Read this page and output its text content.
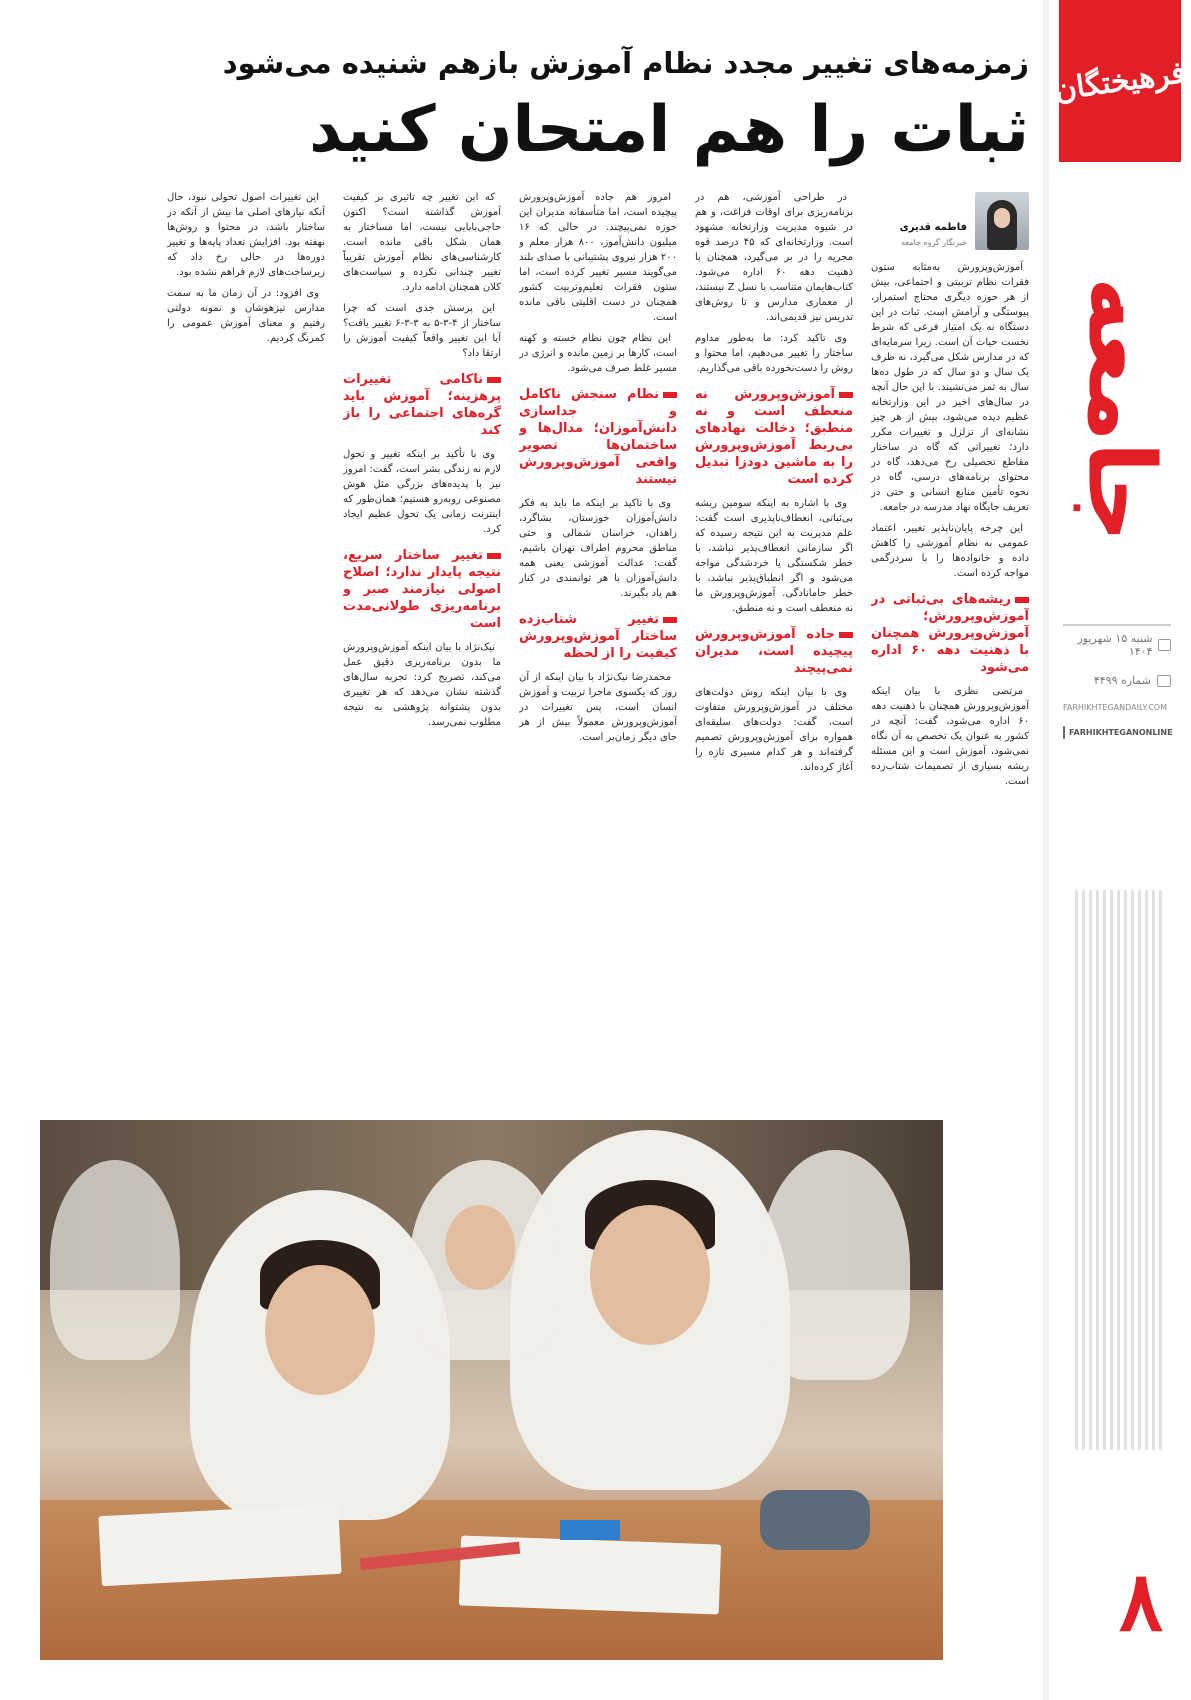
فرهیختگان
جامعه
شنبه ۱۵ شهریور ۱۴۰۴
شماره ۴۴۹۹
FARHIKHTEGANDAILY.COM
FARHIKHTEGANONLINE
۸
زمزمه‌های تغییر مجدد نظام آموزش بازهم شنیده می‌شود
ثبات را هم امتحان کنید
فاطمه قدیری
خبرنگار گروه جامعه

آموزش‌وپرورش به‌مثابه ستون فقرات نظام تربیتی و اجتماعی، بیش از هر حوزه دیگری محتاج استمرار، پیوستگی و آرامش است. ثبات در این دستگاه نه یک امتیاز فرعی که شرط نخست حیات آن است. زیرا سرمایه‌ای که در مدارس شکل می‌گیرد، نه ظرف یک سال و دو سال که در طول ده‌ها سال به ثمر می‌نشیند. با این حال آنچه در سال‌های اخیر در این وزارتخانه عظیم دیده می‌شود، بیش از هر چیز نشانه‌ای از تزلزل و تغییرات مکرر دارد؛ تغییراتی که گاه در ساختار مقاطع تحصیلی رخ می‌دهد، گاه در محتوای برنامه‌های درسی، گاه در نحوه تأمین منابع انسانی و حتی در تعریف جایگاه نهاد مدرسه در جامعه.

این چرخه پایان‌ناپذیر تغییر، اعتماد عمومی به نظام آموزشی را کاهش داده و خانواده‌ها را با سردرگمی مواجه کرده است.

ریشه‌های بی‌ثباتی در آموزش‌وپرورش؛ آموزش‌وپرورش همچنان با ذهنیت دهه ۶۰ اداره می‌شود

مرتضی نظری با بیان اینکه آموزش‌وپرورش همچنان با ذهنیت دهه ۶۰ اداره می‌شود، گفت: آنچه در کشور به عنوان یک تخصص به آن نگاه نمی‌شود، آموزش است و این مسئله ریشه بسیاری از تصمیمات شتاب‌زده است.

در طراحی آموزشی، هم در برنامه‌ریزی برای اوقات فراغت، و هم در شیوه مدیریت وزارتخانه مشهود است. وزارتخانه‌ای که ۴۵ درصد قوه مجریه را در بر می‌گیرد، همچنان با ذهنیت دهه ۶۰ اداره می‌شود. کتاب‌هایمان متناسب با نسل Z نیستند، از معماری مدارس و تا روش‌های تدریس نیز قدیمی‌اند.

وی تاکید کرد: ما به‌طور مداوم ساختار را تغییر می‌دهیم، اما محتوا و روش را دست‌نخورده باقی می‌گذاریم.

آموزش‌وپرورش نه منعطف است و نه منطبق؛ دخالت نهادهای بی‌ربط آموزش‌وپرورش را به ماشین دودزا تبدیل کرده است

وی با اشاره به اینکه سومین ریشه بی‌ثباتی، انعطاف‌ناپذیری است گفت: علم مدیریت به این نتیجه رسیده که اگر سازمانی انعطاف‌پذیر نباشد، با خطر شکستگی یا خردشدگی مواجه می‌شود و اگر انطباق‌پذیر نباشد، با خطر جامانادگی. آموزش‌وپرورش ما نه منعطف است و نه منطبق.

جاده آموزش‌وپرورش پیچیده است، مدیران نمی‌پیچند

وی با بیان اینکه روش دولت‌های مختلف در آموزش‌وپرورش متفاوت است، گفت: دولت‌های سلیقه‌ای همواره برای آموزش‌وپرورش تصمیم گرفته‌اند و هر کدام مسیری تازه را آغاز کرده‌اند.

امروز هم جاده آموزش‌وپرورش پیچیده است، اما متأسفانه مدیران این حوزه نمی‌پیچند. در حالی که ۱۶ میلیون دانش‌آموز، ۸۰۰ هزار معلم و ۲۰۰ هزار نیروی پشتیبانی با صدای بلند می‌گویند مسیر تغییر کرده است، اما ستون فقرات تعلیم‌وتربیت کشور همچنان در دست اقلیتی باقی مانده است.

این نظام چون نظام خسته و کهنه است، کارها بر زمین مانده و انرژی در مسیر غلط صرف می‌شود.

نظام سنجش ناکامل و جداسازی دانش‌آموزان؛ مدال‌ها و ساختمان‌ها تصویر واقعی آموزش‌وپرورش نیستند

وی با تاکید بر اینکه ما باید به فکر دانش‌آموزان خوزستان، بشاگرد، زاهدان، خراسان شمالی و حتی مناطق محروم اطراف تهران باشیم، گفت: عدالت آموزشی یعنی همه دانش‌آموزان با هر توانمندی در کنار هم یاد بگیرند.

تغییر شتاب‌زده ساختار آموزش‌وپرورش کیفیت را از لحظه

محمدرضا نیک‌نژاد با بیان اینکه از آن روز که یکسوی ماجرا تربیت و آموزش انسان است، پس تغییرات در آموزش‌وپرورش معمولاً بیش از هر جای دیگر زمان‌بر است.

که این تغییر چه تاثیری بر کیفیت آموزش گذاشته است؟ اکنون حاجی‌بابایی نیست، اما مساختار به همان شکل باقی مانده است. کارشناسی‌های نظام آموزش تقریباً تغییر چندانی نکرده و سیاست‌های کلان همچنان ادامه دارد.

این پرسش جدی است که چرا ساختار از ۴-۳-۵ به ۳-۳-۶ تغییر یافت؟ آیا این تغییر واقعاً کیفیت آموزش را ارتقا داد؟

ناکامی تغییرات پرهزینه؛ آموزش باید گره‌های اجتماعی را باز کند

وی با تأکید بر اینکه تغییر و تحول لازم نه زندگی بشر است، گفت: امروز نیز با پدیده‌های بزرگی مثل هوش مصنوعی روبه‌رو هستیم؛ همان‌طور که اینترنت زمانی یک تحول عظیم ایجاد کرد.

تغییر ساختار سریع، نتیجه پایدار ندارد؛ اصلاح اصولی نیازمند صبر و برنامه‌ریزی طولانی‌مدت است

نیک‌نژاد با بیان اینکه آموزش‌وپرورش ما بدون برنامه‌ریزی دقیق عمل می‌کند، تصریح کرد: تجربه سال‌های گذشته نشان می‌دهد که هر تغییری بدون پشتوانه پژوهشی به نتیجه مطلوب نمی‌رسد.

این تغییرات اصول تحولی نبود، حال آنکه نیازهای اصلی ما بیش از آنکه در ساختار باشد، در محتوا و روش‌ها نهفته بود. افزایش تعداد پایه‌ها و تغییر دوره‌ها در حالی رخ داد که زیرساخت‌های لازم فراهم نشده بود.

وی افزود: در آن زمان ما به سمت مدارس تیزهوشان و نمونه دولتی رفتیم و معنای آموزش عمومی را کمرنگ کردیم.
